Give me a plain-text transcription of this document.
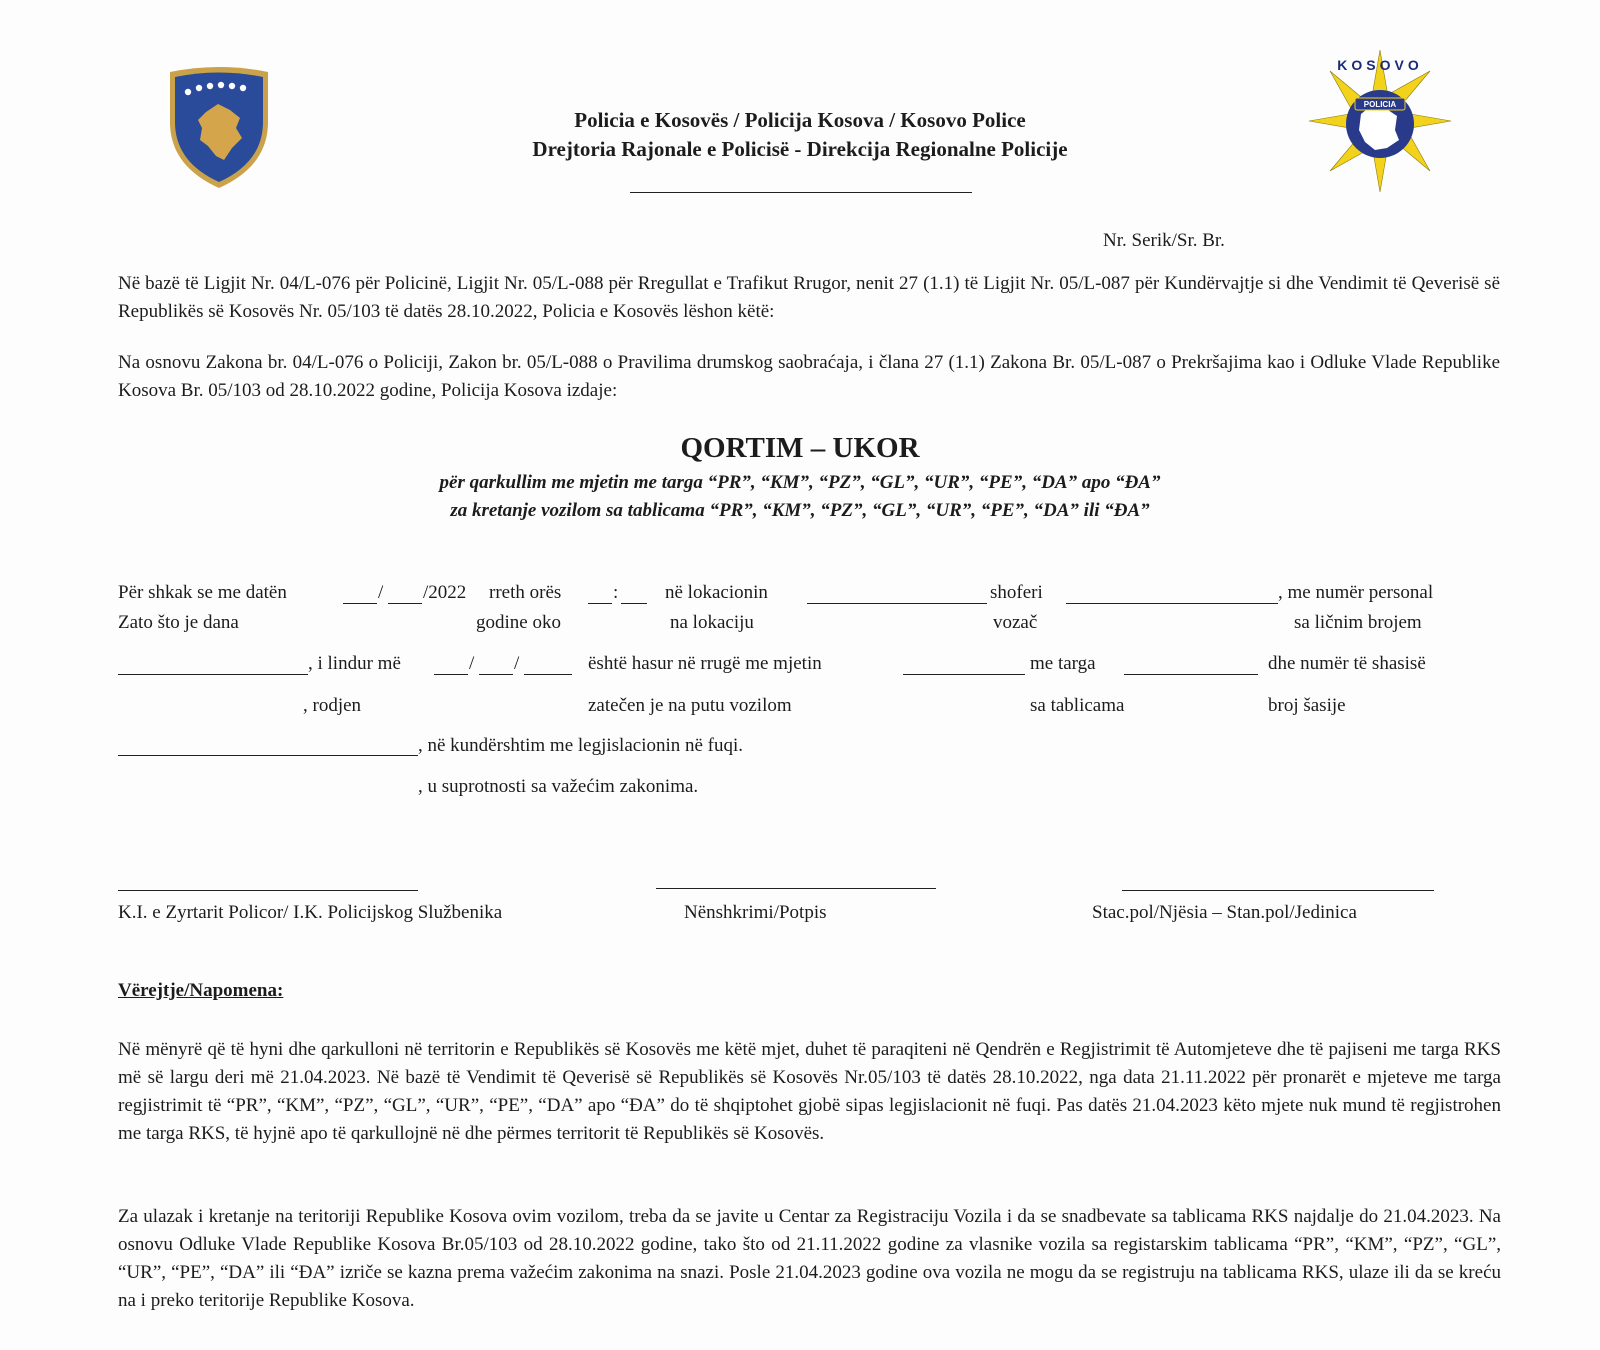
POLICIA
KOSOVO
Policia e Kosovës / Policija Kosova / Kosovo Police
Drejtoria Rajonale e Policisë - Direkcija Regionalne Policije
Nr. Serik/Sr. Br.
Në bazë të Ligjit Nr. 04/L-076 për Policinë, Ligjit Nr. 05/L-088 për Rregullat e Trafikut Rrugor, nenit 27 (1.1) të Ligjit Nr. 05/L-087 për Kundërvajtje si dhe Vendimit të Qeverisë së Republikës së Kosovës Nr. 05/103 të datës 28.10.2022, Policia e Kosovës lëshon këtë:
Na osnovu Zakona br. 04/L-076 o Policiji, Zakon br. 05/L-088 o Pravilima drumskog saobraćaja, i člana 27 (1.1) Zakona Br. 05/L-087 o Prekršajima kao i Odluke Vlade Republike Kosova Br. 05/103 od 28.10.2022 godine, Policija Kosova izdaje:
QORTIM – UKOR
për qarkullim me mjetin me targa “PR”, “KM”, “PZ”, “GL”, “UR”, “PE”, “DA” apo “ĐA”
za kretanje vozilom sa tablicama “PR”, “KM”, “PZ”, “GL”, “UR”, “PE”, “DA” ili “ĐA”
Për shkak se me datën	/ /2022 rreth orës	: në lokacionin	shoferi	, me numër personal
Zato što je dana	godine oko	na lokaciju	vozač	sa ličnim brojem
, i lindur më	/ /	është hasur në rrugë me mjetin	me targa	dhe numër të shasisë
, rodjen	zatečen je na putu vozilom	sa tablicama	broj šasije
, në kundërshtim me legjislacionin në fuqi.
, u suprotnosti sa važećim zakonima.
K.I. e Zyrtarit Policor/ I.K. Policijskog Službenika	Nënshkrimi/Potpis	Stac.pol/Njësia – Stan.pol/Jedinica
Vërejtje/Napomena:
Në mënyrë që të hyni dhe qarkulloni në territorin e Republikës së Kosovës me këtë mjet, duhet të paraqiteni në Qendrën e Regjistrimit të Automjeteve dhe të pajiseni me targa RKS më së largu deri më 21.04.2023. Në bazë të Vendimit të Qeverisë së Republikës së Kosovës Nr.05/103 të datës 28.10.2022, nga data 21.11.2022 për pronarët e mjeteve me targa regjistrimit të “PR”, “KM”, “PZ”, “GL”, “UR”, “PE”, “DA” apo “ĐA” do të shqiptohet gjobë sipas legjislacionit në fuqi. Pas datës 21.04.2023 këto mjete nuk mund të regjistrohen me targa RKS, të hyjnë apo të qarkullojnë në dhe përmes territorit të Republikës së Kosovës.
Za ulazak i kretanje na teritoriji Republike Kosova ovim vozilom, treba da se javite u Centar za Registraciju Vozila i da se snadbevate sa tablicama RKS najdalje do 21.04.2023. Na osnovu Odluke Vlade Republike Kosova Br.05/103 od 28.10.2022 godine, tako što od 21.11.2022 godine za vlasnike vozila sa registarskim tablicama “PR”, “KM”, “PZ”, “GL”, “UR”, “PE”, “DA” ili “ĐA” izriče se kazna prema važećim zakonima na snazi. Posle 21.04.2023 godine ova vozila ne mogu da se registruju na tablicama RKS, ulaze ili da se kreću na i preko teritorije Republike Kosova.
